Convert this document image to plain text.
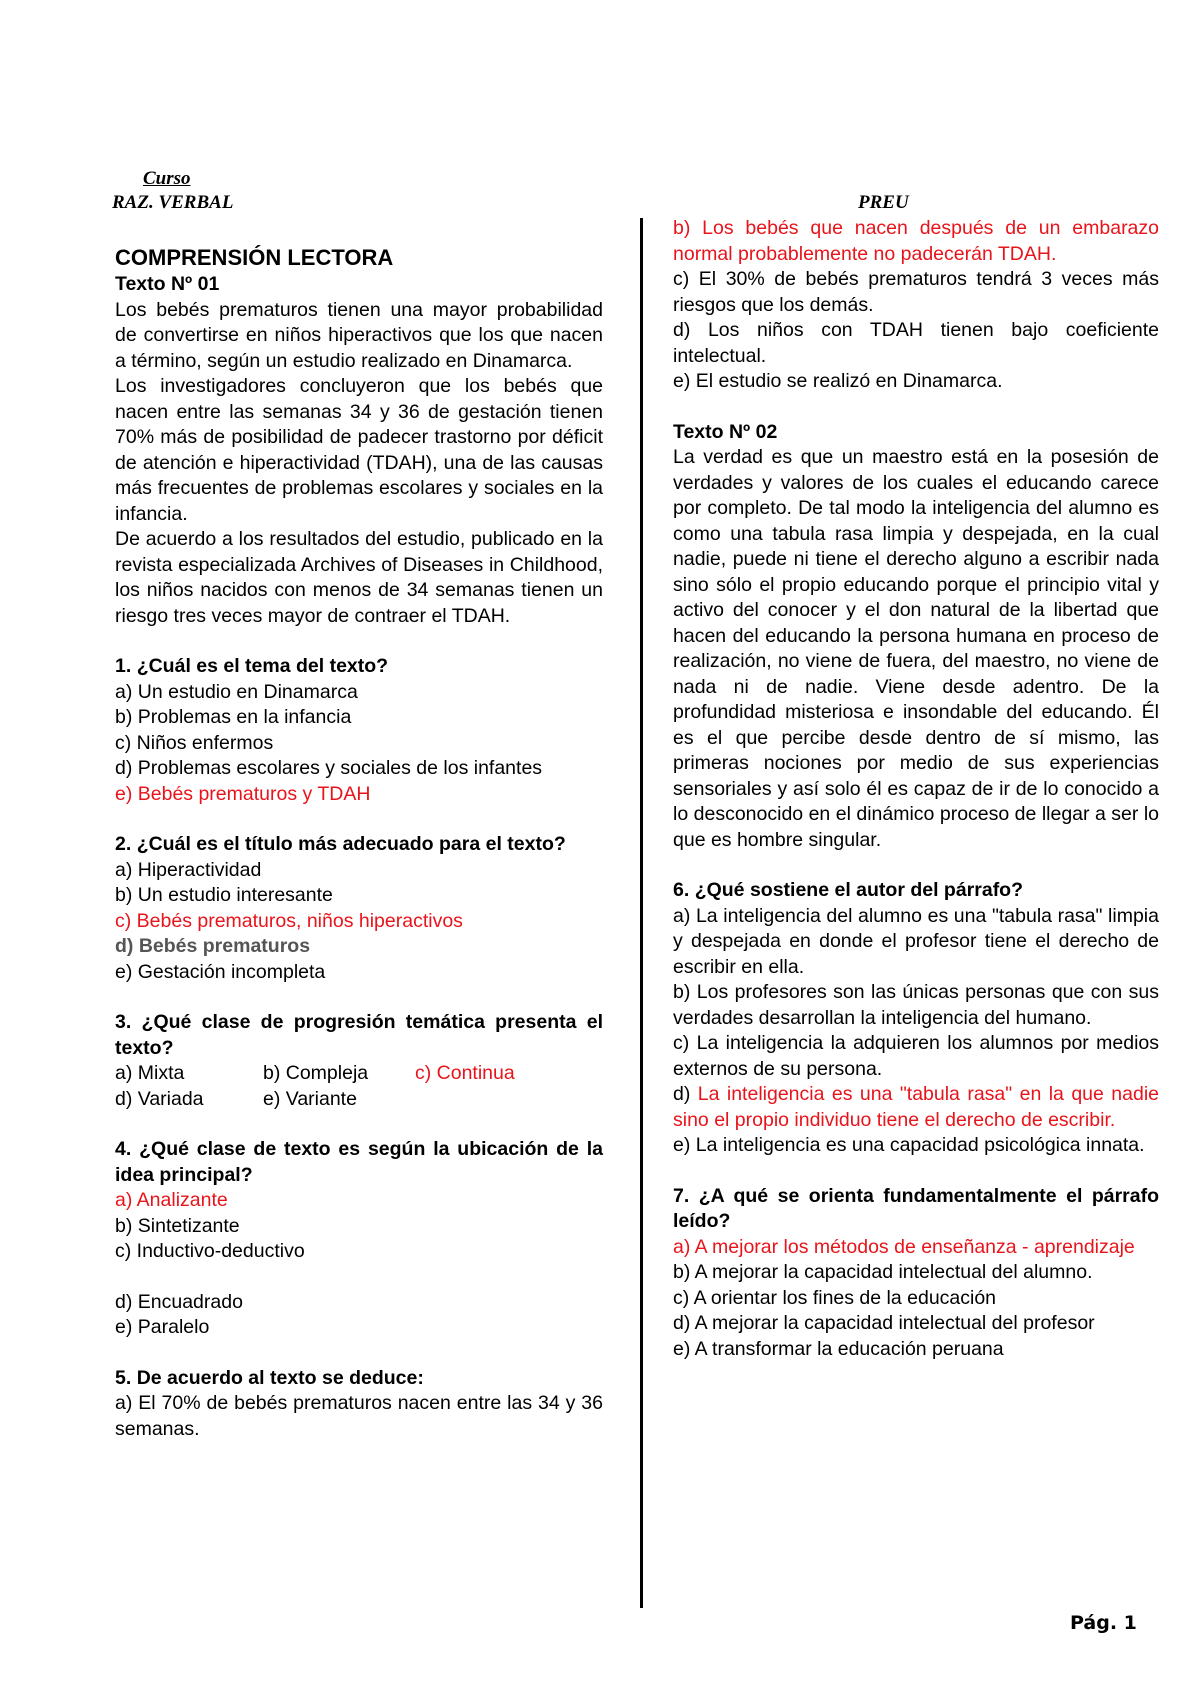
Curso
RAZ. VERBAL	PREU

COMPRENSIÓN LECTORA

Texto Nº 01

Los bebés prematuros tienen una mayor probabilidad de convertirse en niños hiperactivos que los que nacen a término, según un estudio realizado en Dinamarca.

Los investigadores concluyeron que los bebés que nacen entre las semanas 34 y 36 de gestación tienen 70% más de posibilidad de padecer trastorno por déficit de atención e hiperactividad (TDAH), una de las causas más frecuentes de problemas escolares y sociales en la infancia.

De acuerdo a los resultados del estudio, publicado en la revista especializada Archives of Diseases in Childhood, los niños nacidos con menos de 34 semanas tienen un riesgo tres veces mayor de contraer el TDAH.

1. ¿Cuál es el tema del texto?

a) Un estudio en Dinamarca

b) Problemas en la infancia

c) Niños enfermos

d) Problemas escolares y sociales de los infantes

e) Bebés prematuros y TDAH

2. ¿Cuál es el título más adecuado para el texto?

a) Hiperactividad

b) Un estudio interesante

c) Bebés prematuros, niños hiperactivos

d) Bebés prematuros

e) Gestación incompleta

3. ¿Qué clase de progresión temática presenta el texto?

a) Mixta	b) Compleja	c) Continua
d) Variada	e) Variante

4. ¿Qué clase de texto es según la ubicación de la idea principal?

a) Analizante

b) Sintetizante

c) Inductivo-deductivo

d) Encuadrado

e) Paralelo

5. De acuerdo al texto se deduce:

a) El 70% de bebés prematuros nacen entre las 34 y 36 semanas.

b) Los bebés que nacen después de un embarazo normal probablemente no padecerán TDAH.

c) El 30% de bebés prematuros tendrá 3 veces más riesgos que los demás.

d) Los niños con TDAH tienen bajo coeficiente intelectual.

e) El estudio se realizó en Dinamarca.

Texto Nº 02

La verdad es que un maestro está en la posesión de verdades y valores de los cuales el educando carece por completo. De tal modo la inteligencia del alumno es como una tabula rasa limpia y despejada, en la cual nadie, puede ni tiene el derecho alguno a escribir nada sino sólo el propio educando porque el principio vital y activo del conocer y el don natural de la libertad que hacen del educando la persona humana en proceso de realización, no viene de fuera, del maestro, no viene de nada ni de nadie. Viene desde adentro. De la profundidad misteriosa e insondable del educando. Él es el que percibe desde dentro de sí mismo, las primeras nociones por medio de sus experiencias sensoriales y así solo él es capaz de ir de lo conocido a lo desconocido en el dinámico proceso de llegar a ser lo que es hombre singular.

6. ¿Qué sostiene el autor del párrafo?

a) La inteligencia del alumno es una "tabula rasa" limpia y despejada en donde el profesor tiene el derecho de escribir en ella.

b) Los profesores son las únicas personas que con sus verdades desarrollan la inteligencia del humano.

c) La inteligencia la adquieren los alumnos por medios externos de su persona.

d) La inteligencia es una "tabula rasa" en la que nadie sino el propio individuo tiene el derecho de escribir.

e) La inteligencia es una capacidad psicológica innata.

7. ¿A qué se orienta fundamentalmente el párrafo leído?

a) A mejorar los métodos de enseñanza - aprendizaje

b) A mejorar la capacidad intelectual del alumno.

c) A orientar los fines de la educación

d) A mejorar la capacidad intelectual del profesor

e) A transformar la educación peruana

Pág. 1
